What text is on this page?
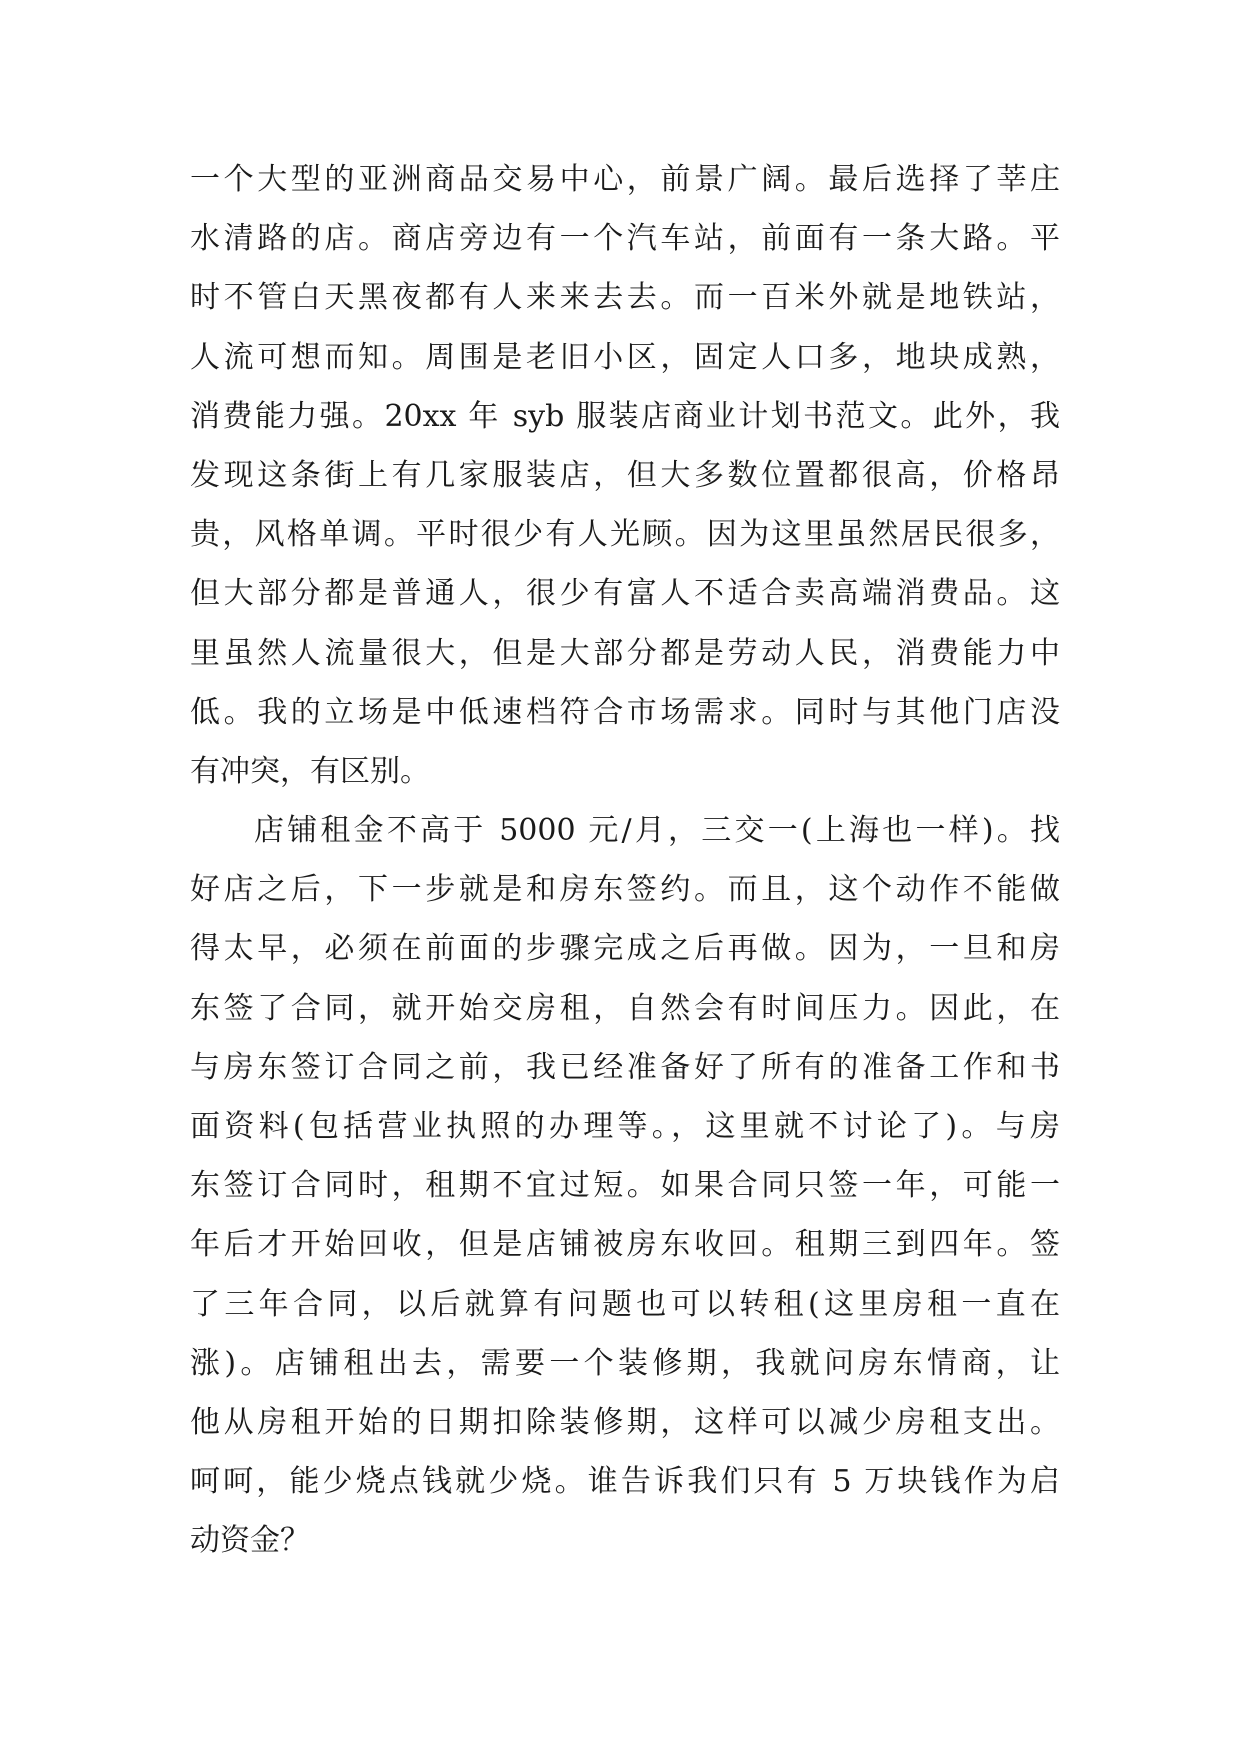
一个大型的亚洲商品交易中心，前景广阔。最后选择了莘庄
水清路的店。商店旁边有一个汽车站，前面有一条大路。平
时不管白天黑夜都有人来来去去。而一百米外就是地铁站，
人流可想而知。周围是老旧小区，固定人口多，地块成熟，
消费能力强。20xx 年 syb 服装店商业计划书范文。此外，我
发现这条街上有几家服装店，但大多数位置都很高，价格昂
贵，风格单调。平时很少有人光顾。因为这里虽然居民很多，
但大部分都是普通人，很少有富人不适合卖高端消费品。这
里虽然人流量很大，但是大部分都是劳动人民，消费能力中
低。我的立场是中低速档符合市场需求。同时与其他门店没
有冲突，有区别。
店铺租金不高于 5000 元/月，三交一(上海也一样)。找
好店之后，下一步就是和房东签约。而且，这个动作不能做
得太早，必须在前面的步骤完成之后再做。因为，一旦和房
东签了合同，就开始交房租，自然会有时间压力。因此，在
与房东签订合同之前，我已经准备好了所有的准备工作和书
面资料(包括营业执照的办理等。，这里就不讨论了)。与房
东签订合同时，租期不宜过短。如果合同只签一年，可能一
年后才开始回收，但是店铺被房东收回。租期三到四年。签
了三年合同，以后就算有问题也可以转租(这里房租一直在
涨)。店铺租出去，需要一个装修期，我就问房东情商，让
他从房租开始的日期扣除装修期，这样可以减少房租支出。
呵呵，能少烧点钱就少烧。谁告诉我们只有 5 万块钱作为启
动资金？
